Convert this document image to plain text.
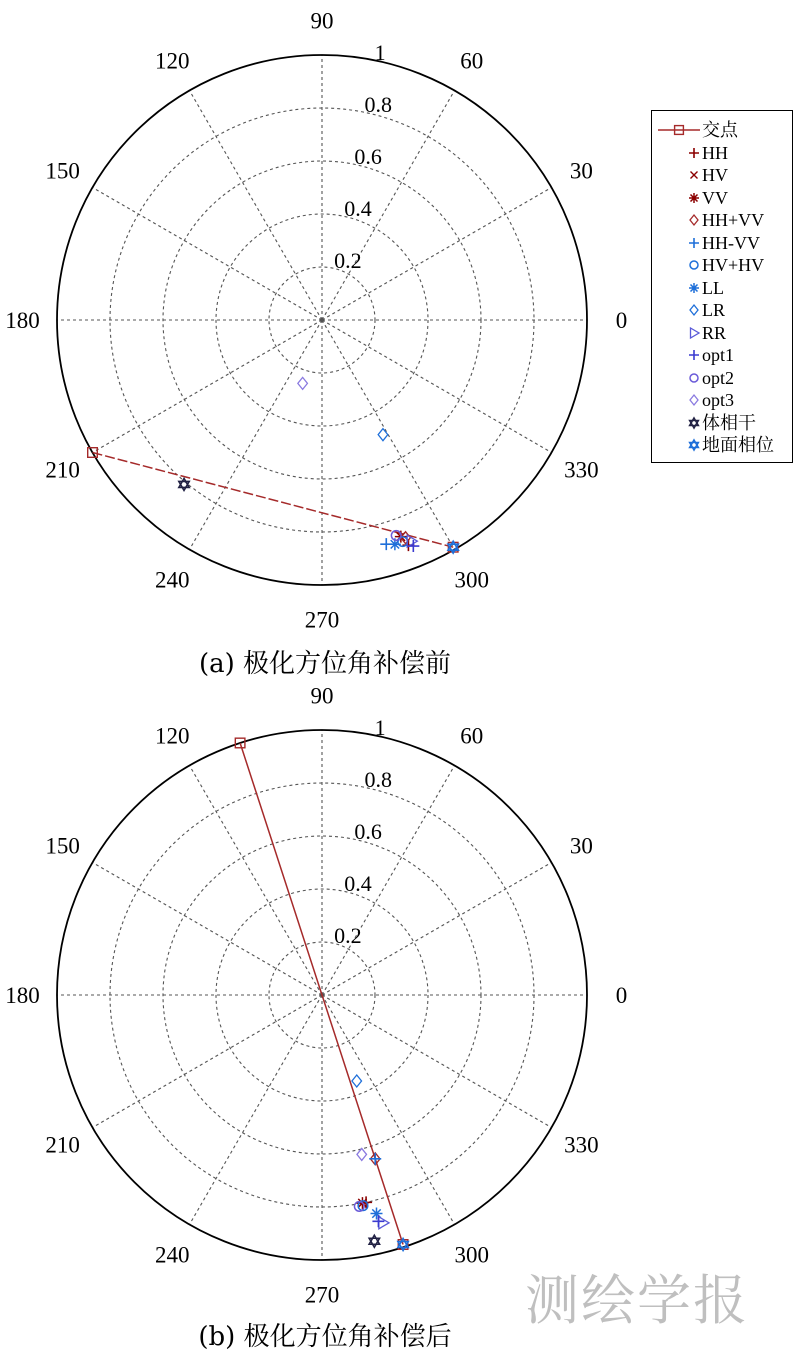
0
30
60
90
120
150
180
210
240
270
300
330
0.2
0.4
0.6
0.8
1
0
30
60
90
120
150
180
210
240
270
300
330
0.2
0.4
0.6
0.8
1
(a) 极化方位角补偿前
(b) 极化方位角补偿后
交点
HH
HV
VV
HH+VV
HH-VV
HV+HV
LL
LR
RR
opt1
opt2
opt3
体相干
地面相位
测绘学报
